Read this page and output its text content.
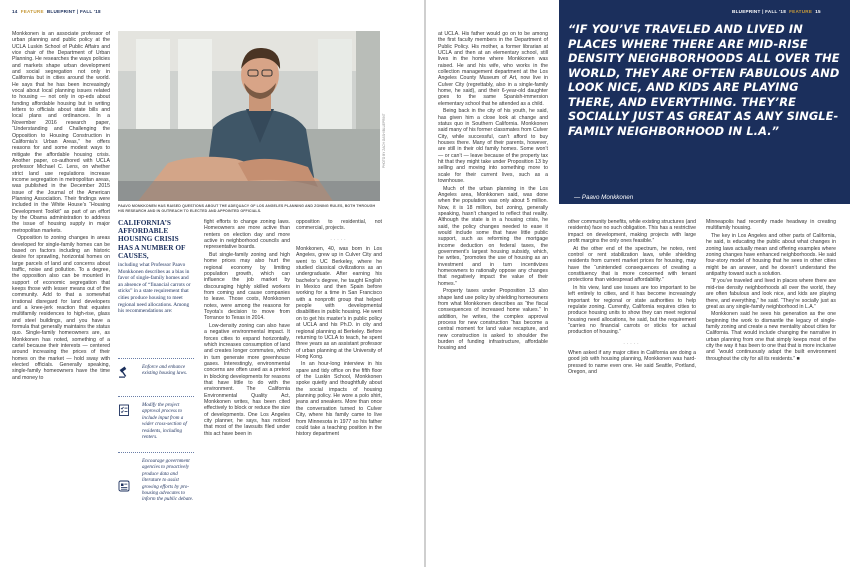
14 FEATURE BLUEPRINT | FALL '18

Monkkonen is an associate professor of urban planning and public policy at the UCLA Luskin School of Public Affairs and vice chair of the Department of Urban Planning. He researches the ways policies and markets shape urban development and social segregation not only in California but in cities around the world. He says that he has been increasingly vocal about local planning issues related to housing — not only in op-eds about funding affordable housing but in writing letters to officials about state bills and local plans and ordinances. In a November 2016 research paper, “Understanding and Challenging the Opposition to Housing Construction in California’s Urban Areas,” he offers reasons for and some modest ways to mitigate the affordable housing crisis. Another paper, co-authored with UCLA professor Michael C. Lens, on whether strict land use regulations increase income segregation in metropolitan areas, was published in the December 2015 issue of the Journal of the American Planning Association. Their findings were included in the White House’s “Housing Development Toolkit” as part of an effort by the Obama administration to address the issue of housing supply in major metropolitan markets.

Opposition to zoning changes in areas developed for single-family homes can be based on factors including an historic desire for sprawling, horizontal homes on large parcels of land and concerns about traffic, noise and pollution. To a degree, the opposition also can be mounted in support of economic segregation that keeps those with lesser means out of the community. Add to that a somewhat irrational disregard for land developers and a knee-jerk reaction that equates multifamily residences to high-rise, glass and steel buildings, and you have a formula that generally maintains the status quo. Single-family homeowners are, as Monkkonen has noted, something of a cartel because their interests — centered around increasing the prices of their homes on the market — hold sway with elected officials. Generally speaking, single-family homeowners have the time and money to

PHOTO BY ZACH GASH/BLUEPRINT
PAAVO MONKKONEN HAS RAISED QUESTIONS ABOUT THE ADEQUACY OF LOS ANGELES PLANNING AND ZONING RULES, BOTH THROUGH HIS RESEARCH AND IN OUTREACH TO ELECTED AND APPOINTED OFFICIALS.

CALIFORNIA’S AFFORDABLE HOUSING CRISIS HAS A NUMBER OF CAUSES,

including what Professor Paavo Monkkonen describes as a bias in favor of single-family homes and an absence of “financial carrots or sticks” in a state requirement that cities produce housing to meet regional need allocations. Among his recommendations are:

Enforce and enhance existing housing laws.
Modify the project approval process to include input from a wider cross-section of residents, including renters.
Encourage government agencies to proactively produce data and literature to assist growing efforts by pro-housing advocates to inform the public debate.

fight efforts to change zoning laws. Homeowners are more active than renters on election day and more active in neighborhood councils and representative boards.

But single-family zoning and high home prices may also hurt the regional economy by limiting population growth, which can influence the job market by discouraging highly skilled workers from coming and cause companies to leave. Those costs, Monkkonen notes, were among the reasons for Toyota’s decision to move from Torrance to Texas in 2014.

Low-density zoning can also have a negative environmental impact. It forces cities to expand horizontally, which increases consumption of land and creates longer commutes, which in turn generate more greenhouse gases. Interestingly, environmental concerns are often used as a pretext in blocking developments for reasons that have little to do with the environment. The California Environmental Quality Act, Monkkonen writes, has been cited effectively to block or reduce the size of developments. One Los Angeles city planner, he says, has noticed that most of the lawsuits filed under this act have been in

opposition to residential, not commercial, projects.

.....

Monkkonen, 40, was born in Los Angeles, grew up in Culver City and went to UC Berkeley, where he studied classical civilizations as an undergraduate. After earning his bachelor’s degree, he taught English in Mexico and then Spain before working for a time in San Francisco with a nonprofit group that helped people with developmental disabilities in public housing. He went on to get his master’s in public policy at UCLA and his Ph.D. in city and regional planning at Berkeley. Before returning to UCLA to teach, he spent three years as an assistant professor of urban planning at the University of Hong Kong.

In an hour-long interview in his spare and tidy office on the fifth floor of the Luskin School, Monkkonen spoke quietly and thoughtfully about the social impacts of housing planning policy. He wore a polo shirt, jeans and sneakers. More than once the conversation turned to Culver City, where his family came to live from Minnesota in 1977 so his father could take a teaching position in the history department

BLUEPRINT | FALL '18 FEATURE 15

at UCLA. His father would go on to be among the first faculty members in the Department of Public Policy. His mother, a former librarian at UCLA and then at an elementary school, still lives in the home where Monkkonen was raised. He and his wife, who works in the collection management department at the Los Angeles County Museum of Art, now live in Culver City (regrettably, also in a single-family home, he said), and their 6-year-old daughter goes to the same Spanish-immersion elementary school that he attended as a child.

Being back in the city of his youth, he said, has given him a close look at change and status quo in Southern California. Monkkonen said many of his former classmates from Culver City, while successful, can’t afford to buy houses there. Many of their parents, however, are still in their old family homes. Some won’t — or can’t — leave because of the property tax hit that they might take under Proposition 13 by selling and moving into something more to scale for their current lives, such as a townhouse.

Much of the urban planning in the Los Angeles area, Monkkonen said, was done when the population was only about 5 million. Now, it is 18 million, but zoning, generally speaking, hasn’t changed to reflect that reality. Although the state is in a housing crisis, he said, the policy changes needed to ease it would include some that have little public support, such as reforming the mortgage income deduction on federal taxes, the government’s largest housing subsidy, which, he writes, “promotes the use of housing as an investment and in turn incentivizes homeowners to rationally oppose any changes that negatively impact the value of their homes.”

Property taxes under Proposition 13 also shape land use policy by shielding homeowners from what Monkkonen describes as “the fiscal consequences of increased home values.” In addition, he writes, the complex approval process for new construction “has become a central moment for land value recapture, and new construction is asked to shoulder the burden of funding infrastructure, affordable housing and

“IF YOU’VE TRAVELED AND LIVED IN PLACES WHERE THERE ARE MID-RISE DENSITY NEIGHBORHOODS ALL OVER THE WORLD, THEY ARE OFTEN FABULOUS AND LOOK NICE, AND KIDS ARE PLAYING THERE, AND EVERYTHING. THEY’RE SOCIALLY JUST AS GREAT AS ANY SINGLE-FAMILY NEIGHBORHOOD IN L.A.”
— Paavo Monkkonen

other community benefits, while existing structures (and residents) face no such obligation. This has a restrictive impact on development, making projects with large profit margins the only ones feasible.”

At the other end of the spectrum, he notes, rent control or rent stabilization laws, while shielding residents from current market prices for housing, may have the “unintended consequences of creating a constituency that is more concerned with tenant protections than widespread affordability.”

In his view, land use issues are too important to be left entirely to cities, and it has become increasingly important for regional or state authorities to help regulate zoning. Currently, California requires cities to produce housing units to show they can meet regional housing need allocations, he said, but the requirement “carries no financial carrots or sticks for actual production of housing.”

.....

When asked if any major cities in California are doing a good job with housing planning, Monkkonen was hard-pressed to name even one. He said Seattle, Portland, Oregon, and

Minneapolis had recently made headway in creating multifamily housing.

The key in Los Angeles and other parts of California, he said, is educating the public about what changes in zoning laws actually mean and offering examples where zoning changes have enhanced neighborhoods. He said four-story model of housing that he sees in other cities might be an answer, and he doesn’t understand the antipathy toward such a solution.

“If you’ve traveled and lived in places where there are mid-rise density neighborhoods all over the world, they are often fabulous and look nice, and kids are playing there, and everything,” he said. “They’re socially just as great as any single-family neighborhood in L.A.”

Monkkonen said he sees his generation as the one beginning the work to dismantle the legacy of single-family zoning and create a new mentality about cities for California. That would include changing the narrative in urban planning from one that simply keeps most of the city the way it has been to one that that is more inclusive and “would continuously adapt the built environment throughout the city for all its residents.” ■
